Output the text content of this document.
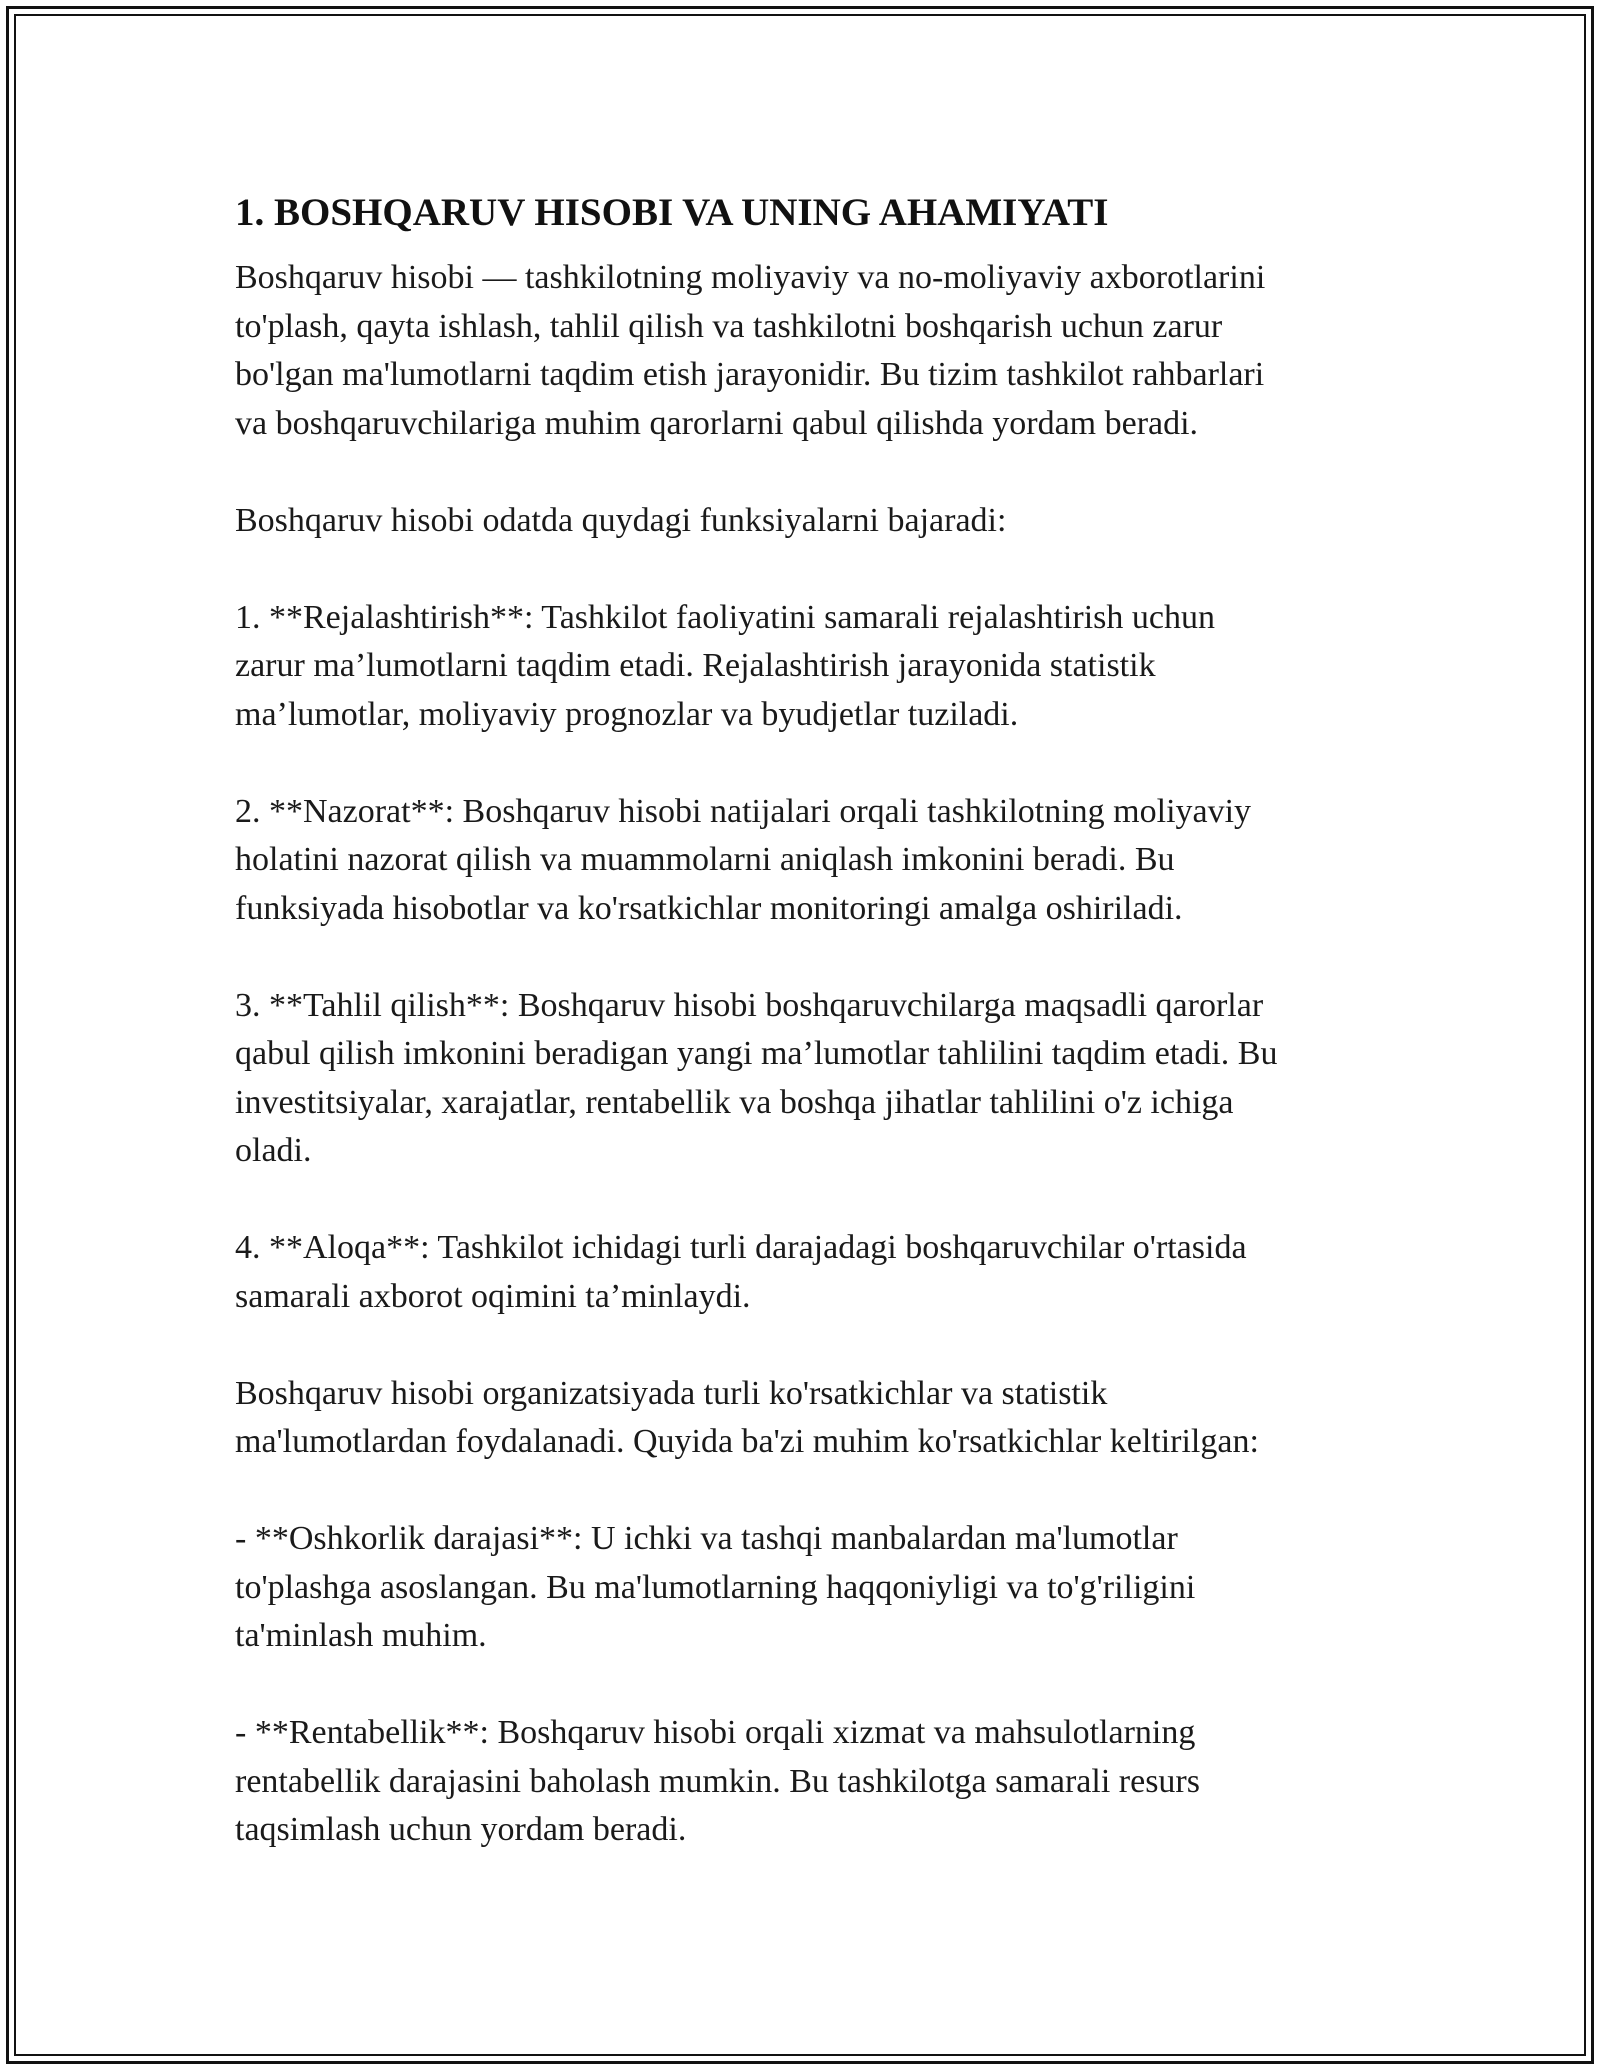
1. BOSHQARUV HISOBI VA UNING AHAMIYATI

Boshqaruv hisobi — tashkilotning moliyaviy va no-moliyaviy axborotlarini
to'plash, qayta ishlash, tahlil qilish va tashkilotni boshqarish uchun zarur
bo'lgan ma'lumotlarni taqdim etish jarayonidir. Bu tizim tashkilot rahbarlari
va boshqaruvchilariga muhim qarorlarni qabul qilishda yordam beradi.

Boshqaruv hisobi odatda quydagi funksiyalarni bajaradi:

1. **Rejalashtirish**: Tashkilot faoliyatini samarali rejalashtirish uchun
zarur ma’lumotlarni taqdim etadi. Rejalashtirish jarayonida statistik
ma’lumotlar, moliyaviy prognozlar va byudjetlar tuziladi.

2. **Nazorat**: Boshqaruv hisobi natijalari orqali tashkilotning moliyaviy
holatini nazorat qilish va muammolarni aniqlash imkonini beradi. Bu
funksiyada hisobotlar va ko'rsatkichlar monitoringi amalga oshiriladi.

3. **Tahlil qilish**: Boshqaruv hisobi boshqaruvchilarga maqsadli qarorlar
qabul qilish imkonini beradigan yangi ma’lumotlar tahlilini taqdim etadi. Bu
investitsiyalar, xarajatlar, rentabellik va boshqa jihatlar tahlilini o'z ichiga
oladi.

4. **Aloqa**: Tashkilot ichidagi turli darajadagi boshqaruvchilar o'rtasida
samarali axborot oqimini ta’minlaydi.

Boshqaruv hisobi organizatsiyada turli ko'rsatkichlar va statistik
ma'lumotlardan foydalanadi. Quyida ba'zi muhim ko'rsatkichlar keltirilgan:

- **Oshkorlik darajasi**: U ichki va tashqi manbalardan ma'lumotlar
to'plashga asoslangan. Bu ma'lumotlarning haqqoniyligi va to'g'riligini
ta'minlash muhim.

- **Rentabellik**: Boshqaruv hisobi orqali xizmat va mahsulotlarning
rentabellik darajasini baholash mumkin. Bu tashkilotga samarali resurs
taqsimlash uchun yordam beradi.
